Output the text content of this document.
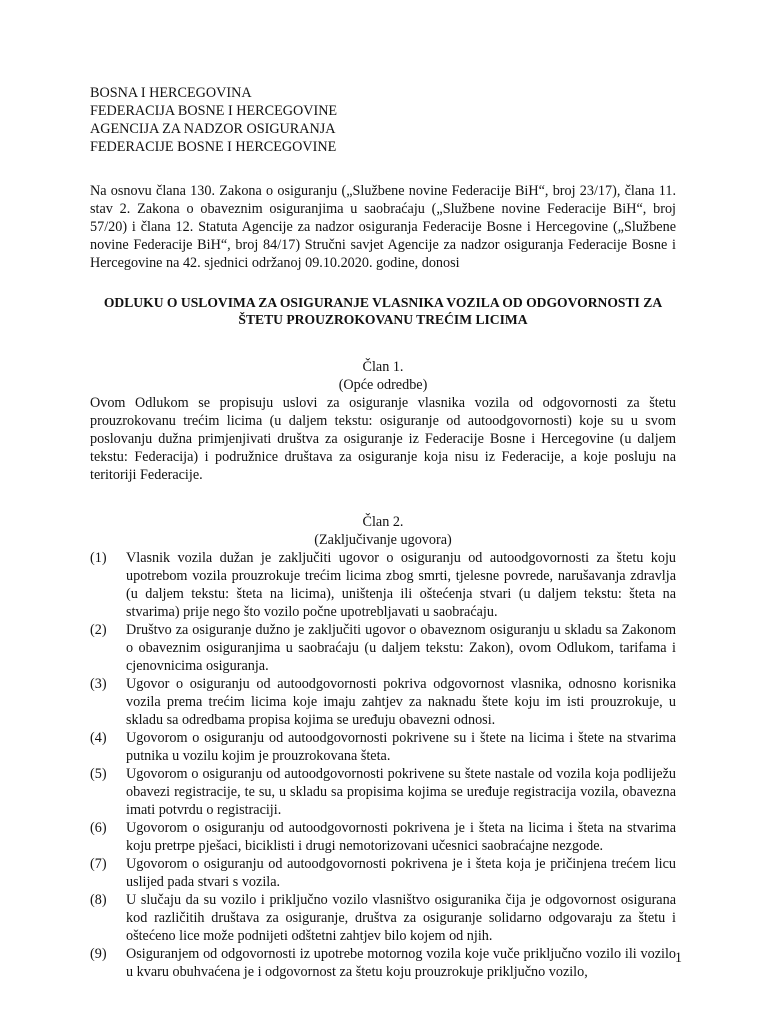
BOSNA I HERCEGOVINA
FEDERACIJA BOSNE I HERCEGOVINE
AGENCIJA ZA NADZOR OSIGURANJA
FEDERACIJE BOSNE I HERCEGOVINE
Na osnovu člana 130. Zakona o osiguranju („Službene novine Federacije BiH“, broj 23/17), člana 11. stav 2. Zakona o obaveznim osiguranjima u saobraćaju („Službene novine Federacije BiH“, broj 57/20) i člana 12. Statuta Agencije za nadzor osiguranja Federacije Bosne i Hercegovine („Službene novine Federacije BiH“, broj 84/17) Stručni savjet Agencije za nadzor osiguranja Federacije Bosne i Hercegovine na 42. sjednici održanoj 09.10.2020. godine, donosi
ODLUKU O USLOVIMA ZA OSIGURANJE VLASNIKA VOZILA OD ODGOVORNOSTI ZA ŠTETU PROUZROKOVANU TREĆIM LICIMA
Član 1.
(Opće odredbe)
Ovom Odlukom se propisuju uslovi za osiguranje vlasnika vozila od odgovornosti za štetu prouzrokovanu trećim licima (u daljem tekstu: osiguranje od autoodgovornosti) koje su u svom poslovanju dužna primjenjivati društva za osiguranje iz Federacije Bosne i Hercegovine (u daljem tekstu: Federacija) i podružnice društava za osiguranje koja nisu iz Federacije, a koje posluju na teritoriji Federacije.
Član 2.
(Zaključivanje ugovora)
(1)	Vlasnik vozila dužan je zaključiti ugovor o osiguranju od autoodgovornosti za štetu koju upotrebom vozila prouzrokuje trećim licima zbog smrti, tjelesne povrede, narušavanja zdravlja (u daljem tekstu: šteta na licima), uništenja ili oštećenja stvari (u daljem tekstu: šteta na stvarima) prije nego što vozilo počne upotrebljavati u saobraćaju.
(2)	Društvo za osiguranje dužno je zaključiti ugovor o obaveznom osiguranju u skladu sa Zakonom o obaveznim osiguranjima u saobraćaju (u daljem tekstu: Zakon), ovom Odlukom, tarifama i cjenovnicima osiguranja.
(3)	Ugovor o osiguranju od autoodgovornosti pokriva odgovornost vlasnika, odnosno korisnika vozila prema trećim licima koje imaju zahtjev za naknadu štete koju im isti prouzrokuje, u skladu sa odredbama propisa kojima se uređuju obavezni odnosi.
(4)	Ugovorom o osiguranju od autoodgovornosti pokrivene su i štete na licima i štete na stvarima putnika u vozilu kojim je prouzrokovana šteta.
(5)	Ugovorom o osiguranju od autoodgovornosti pokrivene su štete nastale od vozila koja podliježu obavezi registracije, te su, u skladu sa propisima kojima se uređuje registracija vozila, obavezna imati potvrdu o registraciji.
(6)	Ugovorom o osiguranju od autoodgovornosti pokrivena je i šteta na licima i šteta na stvarima koju pretrpe pješaci, biciklisti i drugi nemotorizovani učesnici saobraćajne nezgode.
(7)	Ugovorom o osiguranju od autoodgovornosti pokrivena je i šteta koja je pričinjena trećem licu uslijed pada stvari s vozila.
(8)	U slučaju da su vozilo i priključno vozilo vlasništvo osiguranika čija je odgovornost osigurana kod različitih društava za osiguranje, društva za osiguranje solidarno odgovaraju za štetu i oštećeno lice može podnijeti odštetni zahtjev bilo kojem od njih.
(9)	Osiguranjem od odgovornosti iz upotrebe motornog vozila koje vuče priključno vozilo ili vozilo u kvaru obuhvaćena je i odgovornost za štetu koju prouzrokuje priključno vozilo,
1
